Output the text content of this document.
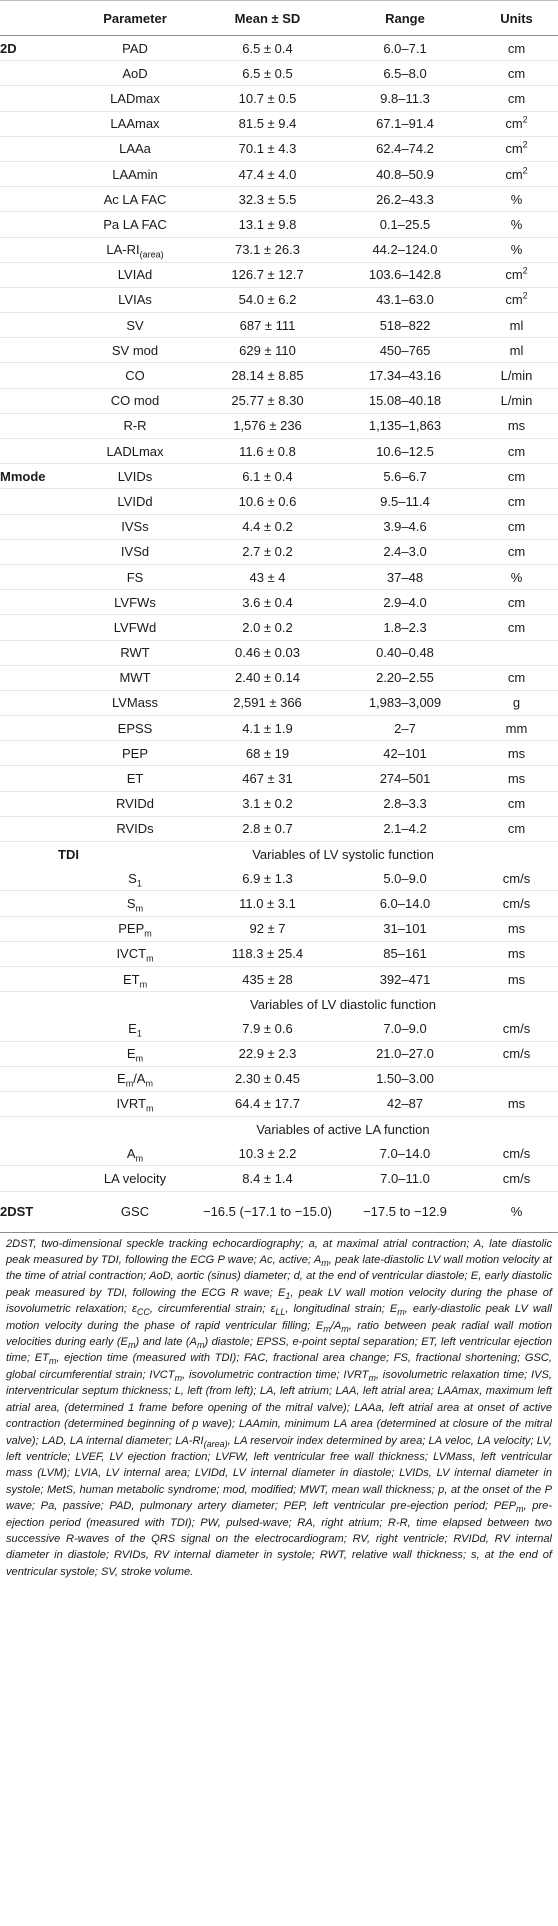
	Parameter	Mean ± SD	Range	Units
2D	PAD	6.5 ± 0.4	6.0–7.1	cm
	AoD	6.5 ± 0.5	6.5–8.0	cm
	LADmax	10.7 ± 0.5	9.8–11.3	cm
	LAAmax	81.5 ± 9.4	67.1–91.4	$cm^2$
	LAAa	70.1 ± 4.3	62.4–74.2	$cm^2$
	LAAmin	47.4 ± 4.0	40.8–50.9	$cm^2$
	Ac LA FAC	32.3 ± 5.5	26.2–43.3	%
	Pa LA FAC	13.1 ± 9.8	0.1–25.5	%
	$LA-RI_{(area)}$	73.1 ± 26.3	44.2–124.0	%
	LVIAd	126.7 ± 12.7	103.6–142.8	$cm^2$
	LVIAs	54.0 ± 6.2	43.1–63.0	$cm^2$
	SV	687 ± 111	518–822	ml
	SV mod	629 ± 110	450–765	ml
	CO	28.14 ± 8.85	17.34–43.16	L/min
	CO mod	25.77 ± 8.30	15.08–40.18	L/min
	R-R	1,576 ± 236	1,135–1,863	ms
	LADLmax	11.6 ± 0.8	10.6–12.5	cm
Mmode	LVIDs	6.1 ± 0.4	5.6–6.7	cm
	LVIDd	10.6 ± 0.6	9.5–11.4	cm
	IVSs	4.4 ± 0.2	3.9–4.6	cm
	IVSd	2.7 ± 0.2	2.4–3.0	cm
	FS	43 ± 4	37–48	%
	LVFWs	3.6 ± 0.4	2.9–4.0	cm
	LVFWd	2.0 ± 0.2	1.8–2.3	cm
	RWT	0.46 ± 0.03	0.40–0.48	
	MWT	2.40 ± 0.14	2.20–2.55	cm
	LVMass	2,591 ± 366	1,983–3,009	g
	EPSS	4.1 ± 1.9	2–7	mm
	PEP	68 ± 19	42–101	ms
	ET	467 ± 31	274–501	ms
	RVIDd	3.1 ± 0.2	2.8–3.3	cm
	RVIDs	2.8 ± 0.7	2.1–4.2	cm
TDI	Variables of LV systolic function			
	$S_1$	6.9 ± 1.3	5.0–9.0	cm/s
	$S_m$	11.0 ± 3.1	6.0–14.0	cm/s
	$PEP_m$	92 ± 7	31–101	ms
	$IVCT_m$	118.3 ± 25.4	85–161	ms
	$ET_m$	435 ± 28	392–471	ms
	Variables of LV diastolic function			
	$E_1$	7.9 ± 0.6	7.0–9.0	cm/s
	$E_m$	22.9 ± 2.3	21.0–27.0	cm/s
	$E_m/A_m$	2.30 ± 0.45	1.50–3.00	
	$IVRT_m$	64.4 ± 17.7	42–87	ms
	Variables of active LA function			
	$A_m$	10.3 ± 2.2	7.0–14.0	cm/s
	LA velocity	8.4 ± 1.4	7.0–11.0	cm/s
2DST	GSC	−16.5 (−17.1 to −15.0)	−17.5 to −12.9	%
2DST, two-dimensional speckle tracking echocardiography; a, at maximal atrial contraction; A, late diastolic peak measured by TDI, following the ECG P wave; Ac, active; $A_m$, peak late-diastolic LV wall motion velocity at the time of atrial contraction; AoD, aortic (sinus) diameter; d, at the end of ventricular diastole; E, early diastolic peak measured by TDI, following the ECG R wave; $E_1$, peak LV wall motion velocity during the phase of isovolumetric relaxation; $\varepsilon_{CC}$, circumferential strain; $\varepsilon_{LL}$, longitudinal strain; $E_m$, early-diastolic peak LV wall motion velocity during the phase of rapid ventricular filling; $E_m/A_m$, ratio between peak radial wall motion velocities during early $(E_m)$ and late $(A_m)$ diastole; EPSS, e-point septal separation; ET, left ventricular ejection time; $ET_m$, ejection time (measured with TDI); FAC, fractional area change; FS, fractional shortening; GSC, global circumferential strain; $IVCT_m$, isovolumetric contraction time; $IVRT_m$, isovolumetric relaxation time; IVS, interventricular septum thickness; L, left (from left); LA, left atrium; LAA, left atrial area; LAAmax, maximum left atrial area, (determined 1 frame before opening of the mitral valve); LAAa, left atrial area at onset of active contraction (determined beginning of p wave); LAAmin, minimum LA area (determined at closure of the mitral valve); LAD, LA internal diameter; $LA-RI_{(area)}$, LA reservoir index determined by area; LA veloc, LA velocity; LV, left ventricle; LVEF, LV ejection fraction; LVFW, left ventricular free wall thickness; LVMass, left ventricular mass (LVM); LVIA, LV internal area; LVIDd, LV internal diameter in diastole; LVIDs, LV internal diameter in systole; MetS, human metabolic syndrome; mod, modified; MWT, mean wall thickness; p, at the onset of the P wave; Pa, passive; PAD, pulmonary artery diameter; PEP, left ventricular pre-ejection period; $PEP_m$, pre-ejection period (measured with TDI); PW, pulsed-wave; RA, right atrium; R-R, time elapsed between two successive R-waves of the QRS signal on the electrocardiogram; RV, right ventricle; RVIDd, RV internal diameter in diastole; RVIDs, RV internal diameter in systole; RWT, relative wall thickness; s, at the end of ventricular systole; SV, stroke volume.
